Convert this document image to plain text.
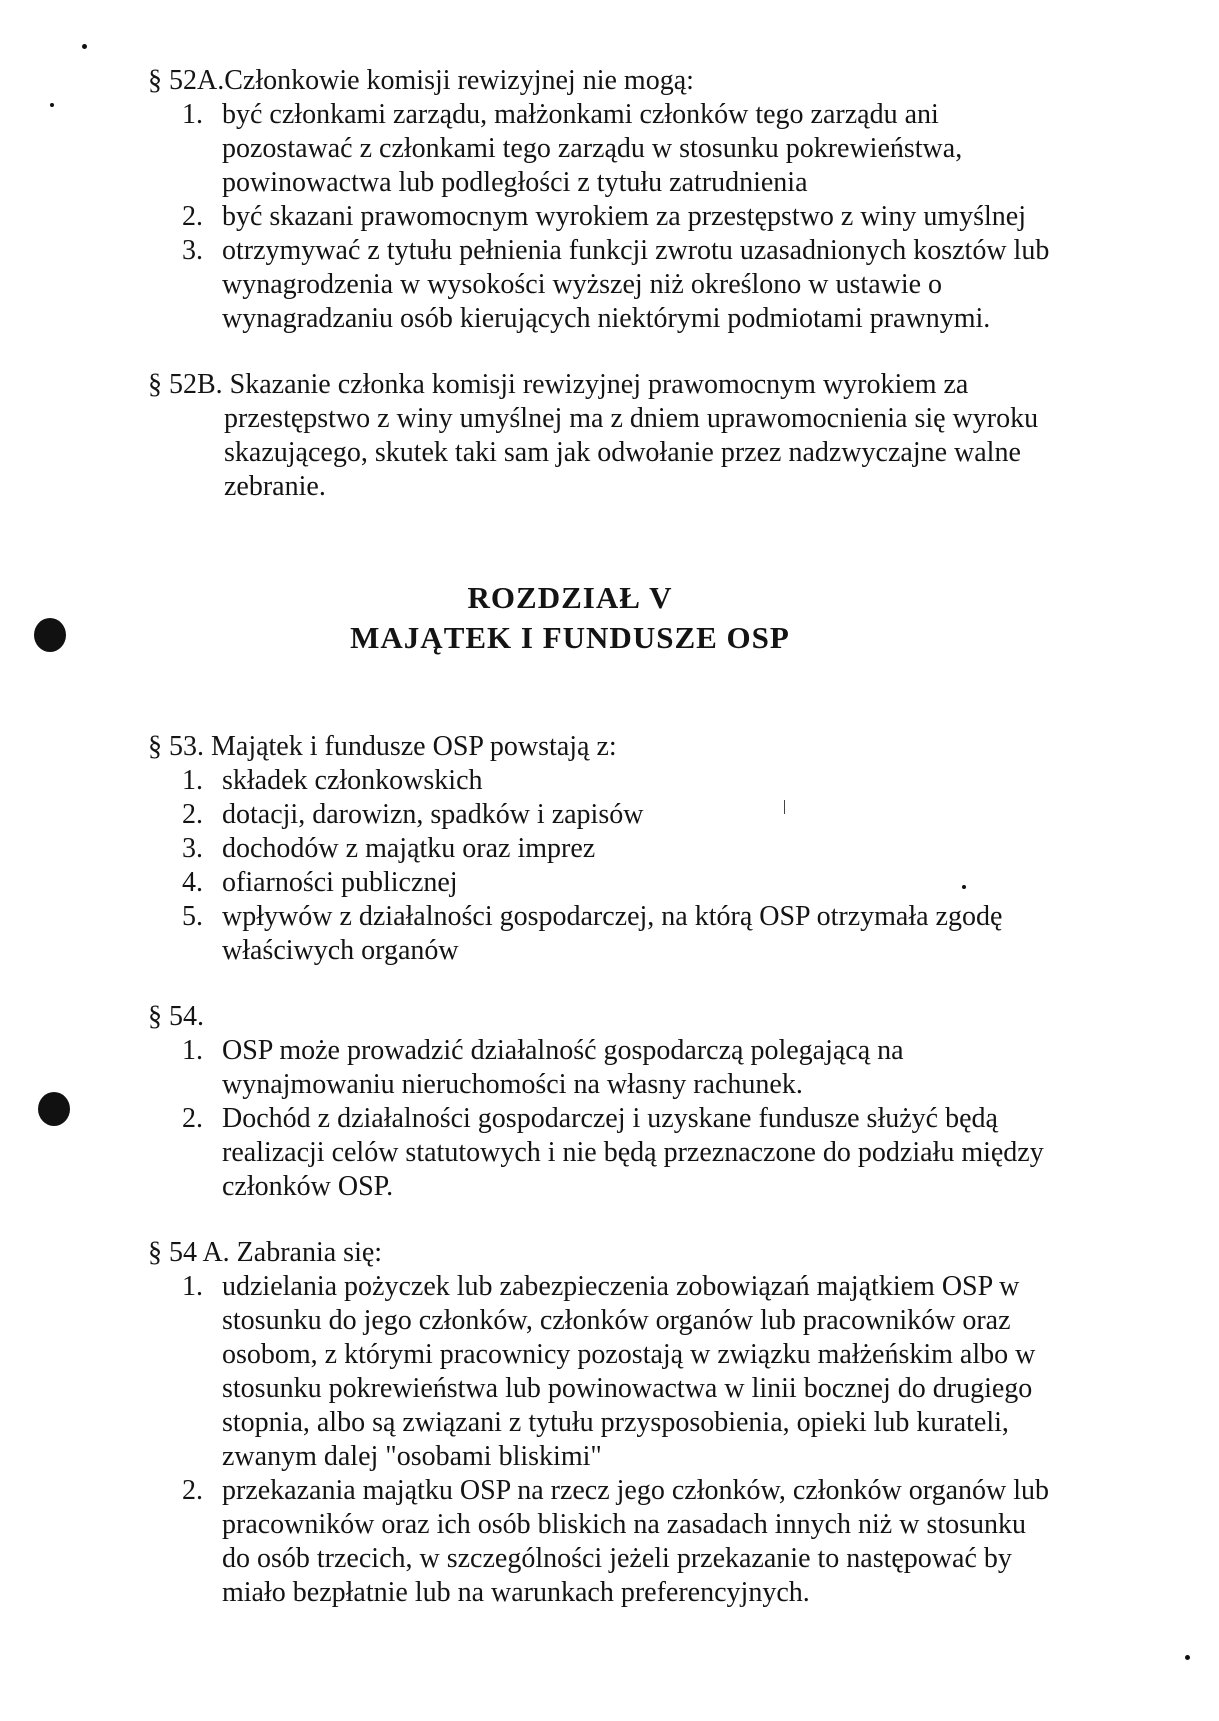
§ 52A.Członkowie komisji rewizyjnej nie mogą:
1. być członkami zarządu, małżonkami członków tego zarządu ani
pozostawać z członkami tego zarządu w stosunku pokrewieństwa,
powinowactwa lub podległości z tytułu zatrudnienia
2. być skazani prawomocnym wyrokiem za przestępstwo z winy umyślnej
3. otrzymywać z tytułu pełnienia funkcji zwrotu uzasadnionych kosztów lub
wynagrodzenia w wysokości wyższej niż określono w ustawie o
wynagradzaniu osób kierujących niektórymi podmiotami prawnymi.
§ 52B. Skazanie członka komisji rewizyjnej prawomocnym wyrokiem za
przestępstwo z winy umyślnej ma z dniem uprawomocnienia się wyroku
skazującego, skutek taki sam jak odwołanie przez nadzwyczajne walne
zebranie.
ROZDZIAŁ V
MAJĄTEK I FUNDUSZE OSP
§ 53. Majątek i fundusze OSP powstają z:
1. składek członkowskich
2. dotacji, darowizn, spadków i zapisów
3. dochodów z majątku oraz imprez
4. ofiarności publicznej
5. wpływów z działalności gospodarczej, na którą OSP otrzymała zgodę
właściwych organów
§ 54.
1. OSP może prowadzić działalność gospodarczą polegającą na
wynajmowaniu nieruchomości na własny rachunek.
2. Dochód z działalności gospodarczej i uzyskane fundusze służyć będą
realizacji celów statutowych i nie będą przeznaczone do podziału między
członków OSP.
§ 54 A. Zabrania się:
1. udzielania pożyczek lub zabezpieczenia zobowiązań majątkiem OSP w
stosunku do jego członków, członków organów lub pracowników oraz
osobom, z którymi pracownicy pozostają w związku małżeńskim albo w
stosunku pokrewieństwa lub powinowactwa w linii bocznej do drugiego
stopnia, albo są związani z tytułu przysposobienia, opieki lub kurateli,
zwanym dalej "osobami bliskimi"
2. przekazania majątku OSP na rzecz jego członków, członków organów lub
pracowników oraz ich osób bliskich na zasadach innych niż w stosunku
do osób trzecich, w szczególności jeżeli przekazanie to następować by
miało bezpłatnie lub na warunkach preferencyjnych.
